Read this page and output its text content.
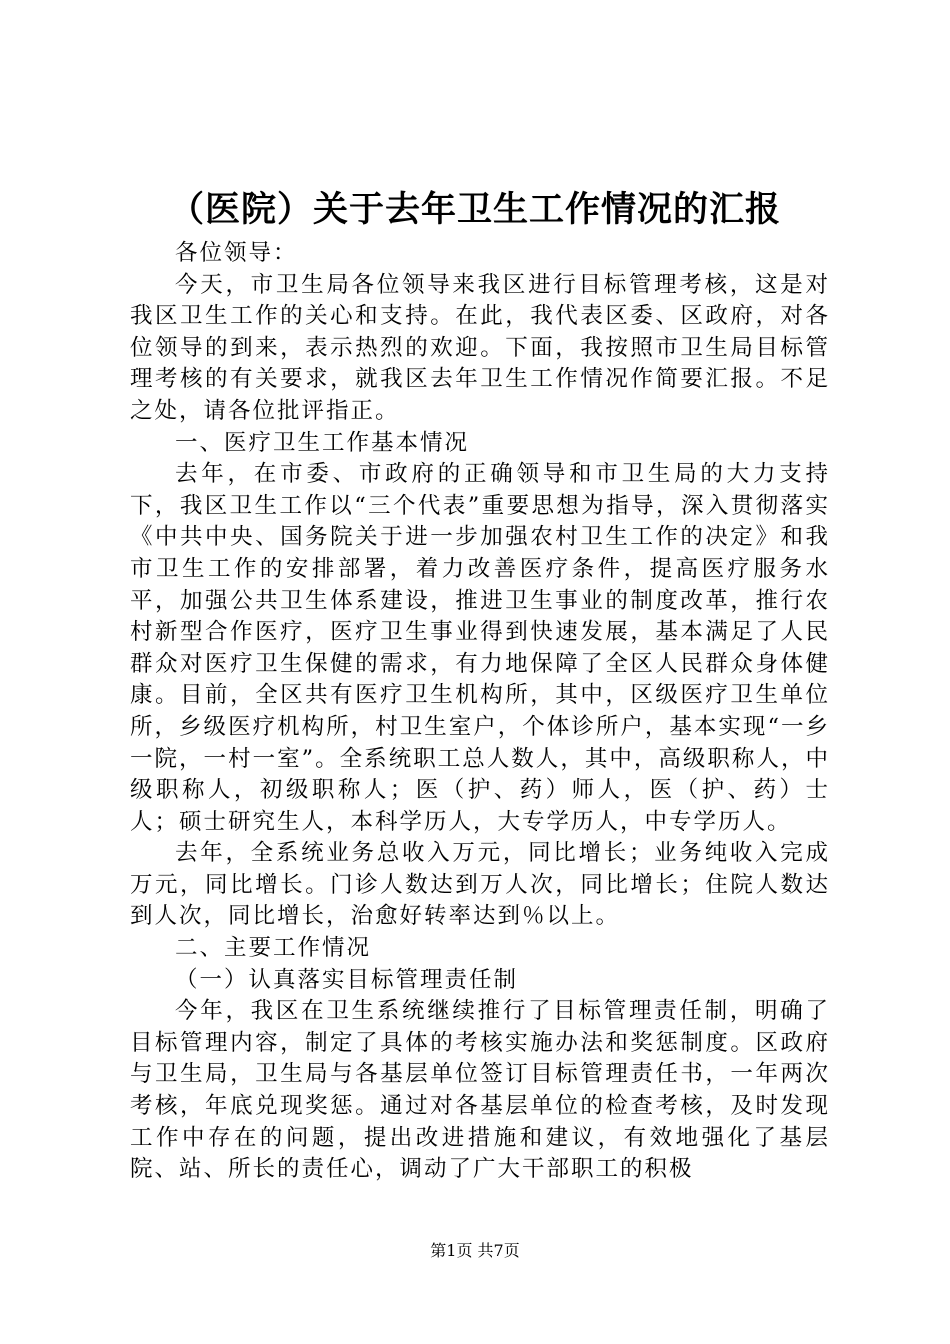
（医院）关于去年卫生工作情况的汇报

各位领导：

今天，市卫生局各位领导来我区进行目标管理考核，这是对我区卫生工作的关心和支持。在此，我代表区委、区政府，对各位领导的到来，表示热烈的欢迎。下面，我按照市卫生局目标管理考核的有关要求，就我区去年卫生工作情况作简要汇报。不足之处，请各位批评指正。

一、医疗卫生工作基本情况

去年，在市委、市政府的正确领导和市卫生局的大力支持下，我区卫生工作以“三个代表”重要思想为指导，深入贯彻落实《中共中央、国务院关于进一步加强农村卫生工作的决定》和我市卫生工作的安排部署，着力改善医疗条件，提高医疗服务水平，加强公共卫生体系建设，推进卫生事业的制度改革，推行农村新型合作医疗，医疗卫生事业得到快速发展，基本满足了人民群众对医疗卫生保健的需求，有力地保障了全区人民群众身体健康。目前，全区共有医疗卫生机构所，其中，区级医疗卫生单位所，乡级医疗机构所，村卫生室户，个体诊所户，基本实现“一乡一院，一村一室”。全系统职工总人数人，其中，高级职称人，中级职称人，初级职称人；医（护、药）师人，医（护、药）士人；硕士研究生人，本科学历人，大专学历人，中专学历人。

去年，全系统业务总收入万元，同比增长；业务纯收入完成万元，同比增长。门诊人数达到万人次，同比增长；住院人数达到人次，同比增长，治愈好转率达到％以上。

二、主要工作情况

（一）认真落实目标管理责任制

今年，我区在卫生系统继续推行了目标管理责任制，明确了目标管理内容，制定了具体的考核实施办法和奖惩制度。区政府与卫生局，卫生局与各基层单位签订目标管理责任书，一年两次考核，年底兑现奖惩。通过对各基层单位的检查考核，及时发现工作中存在的问题，提出改进措施和建议，有效地强化了基层院、站、所长的责任心，调动了广大干部职工的积极

第1页 共7页
